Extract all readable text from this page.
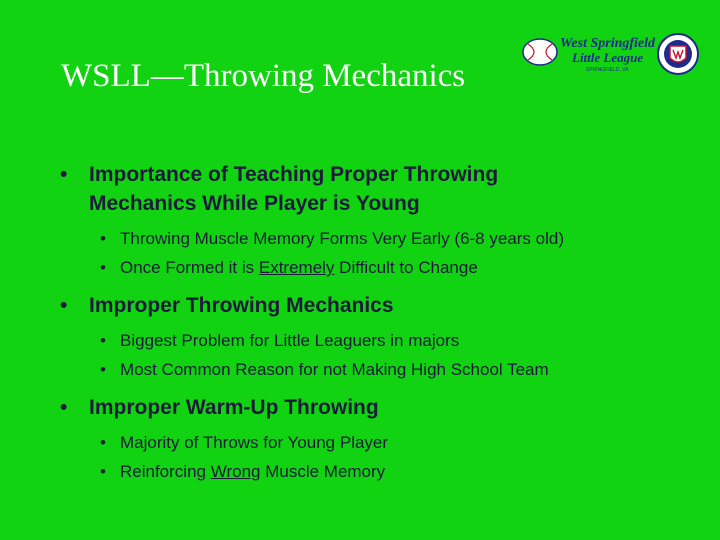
WSLL—Throwing Mechanics
West Springfield
Little League
SPRINGFIELD, VA
• Importance of Teaching Proper Throwing
Mechanics While Player is Young
• Throwing Muscle Memory Forms Very Early (6-8 years old)
• Once Formed it is Extremely Difficult to Change
• Improper Throwing Mechanics
• Biggest Problem for Little Leaguers in majors
• Most Common Reason for not Making High School Team
• Improper Warm-Up Throwing
• Majority of Throws for Young Player
• Reinforcing Wrong Muscle Memory
